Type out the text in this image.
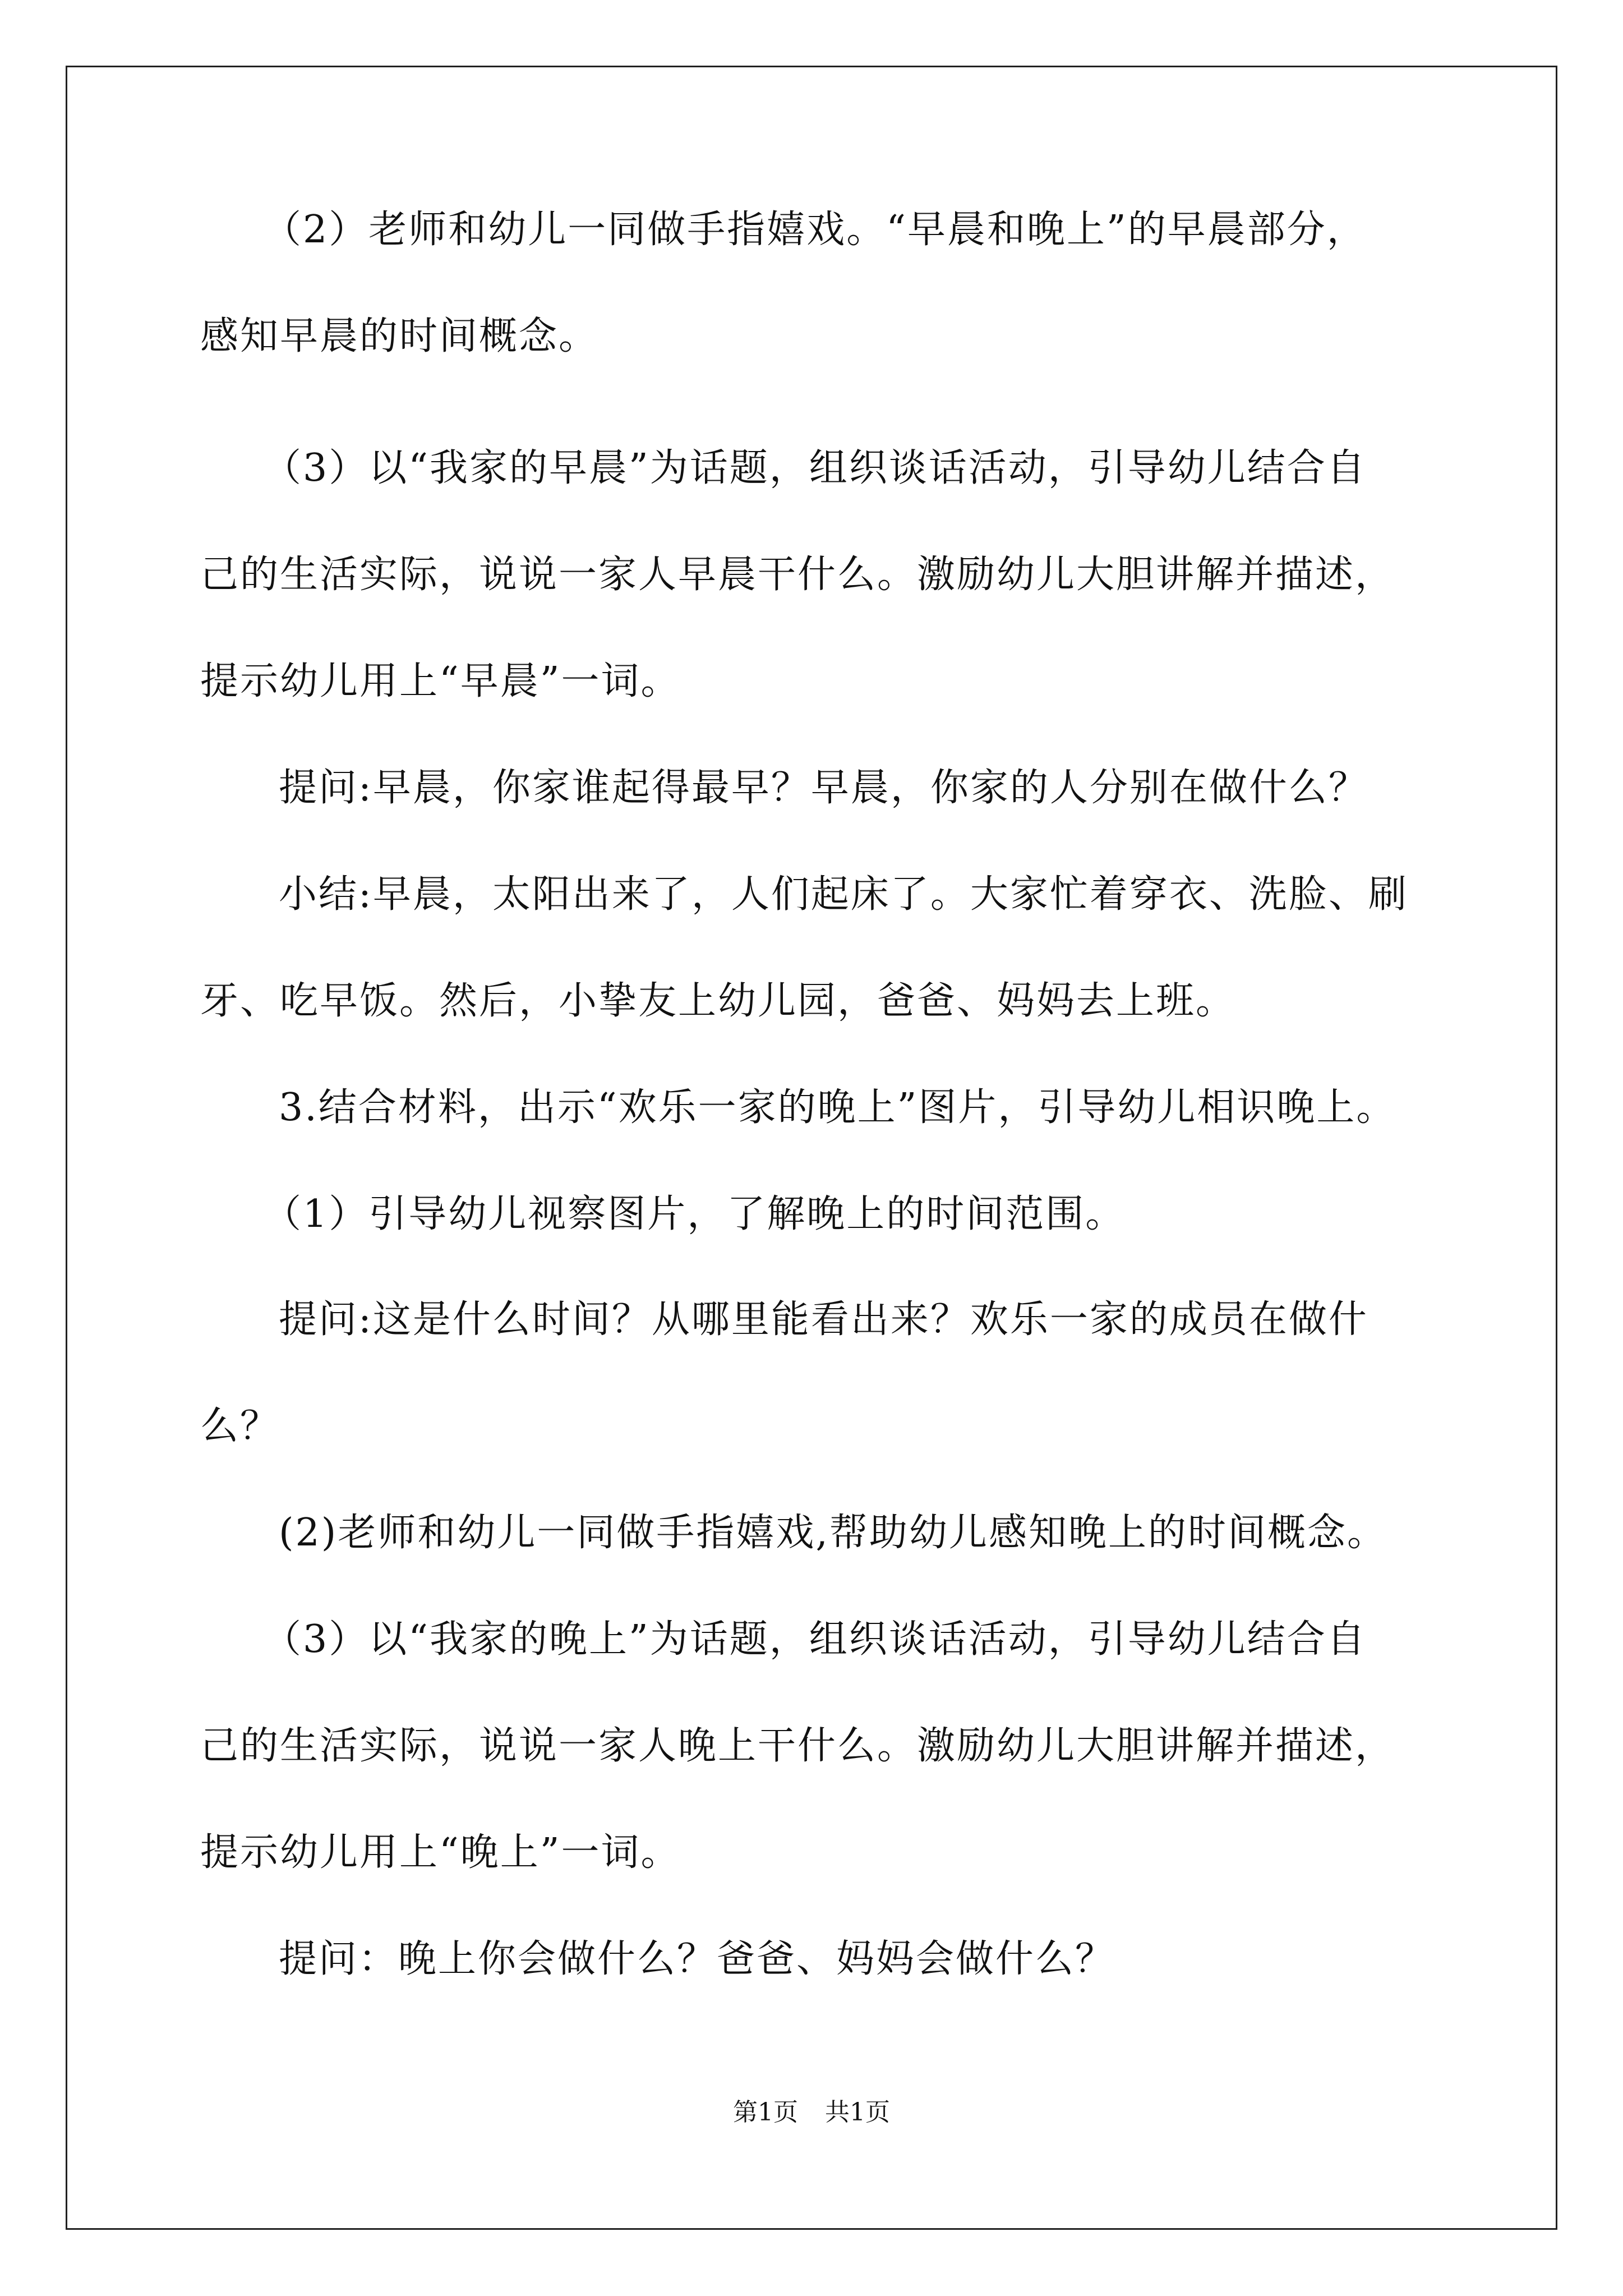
（2）老师和幼儿一同做手指嬉戏。“早晨和晚上”的早晨部分，
感知早晨的时间概念。
（3）以“我家的早晨”为话题，组织谈话活动，引导幼儿结合自
己的生活实际，说说一家人早晨干什么。激励幼儿大胆讲解并描述，
提示幼儿用上“早晨”一词。
提问:早晨，你家谁起得最早？早晨，你家的人分别在做什么？
小结:早晨，太阳出来了，人们起床了。大家忙着穿衣、洗脸、刷
牙、吃早饭。然后，小挚友上幼儿园，爸爸、妈妈去上班。
3.结合材料，出示“欢乐一家的晚上”图片，引导幼儿相识晚上。
（1）引导幼儿视察图片，了解晚上的时间范围。
提问:这是什么时间？从哪里能看出来？欢乐一家的成员在做什
么？
(2)老师和幼儿一同做手指嬉戏,帮助幼儿感知晚上的时间概念。
（3）以“我家的晚上”为话题，组织谈话活动，引导幼儿结合自
己的生活实际，说说一家人晚上干什么。激励幼儿大胆讲解并描述，
提示幼儿用上“晚上”一词。
提问：晚上你会做什么？爸爸、妈妈会做什么？
第1页 共1页
